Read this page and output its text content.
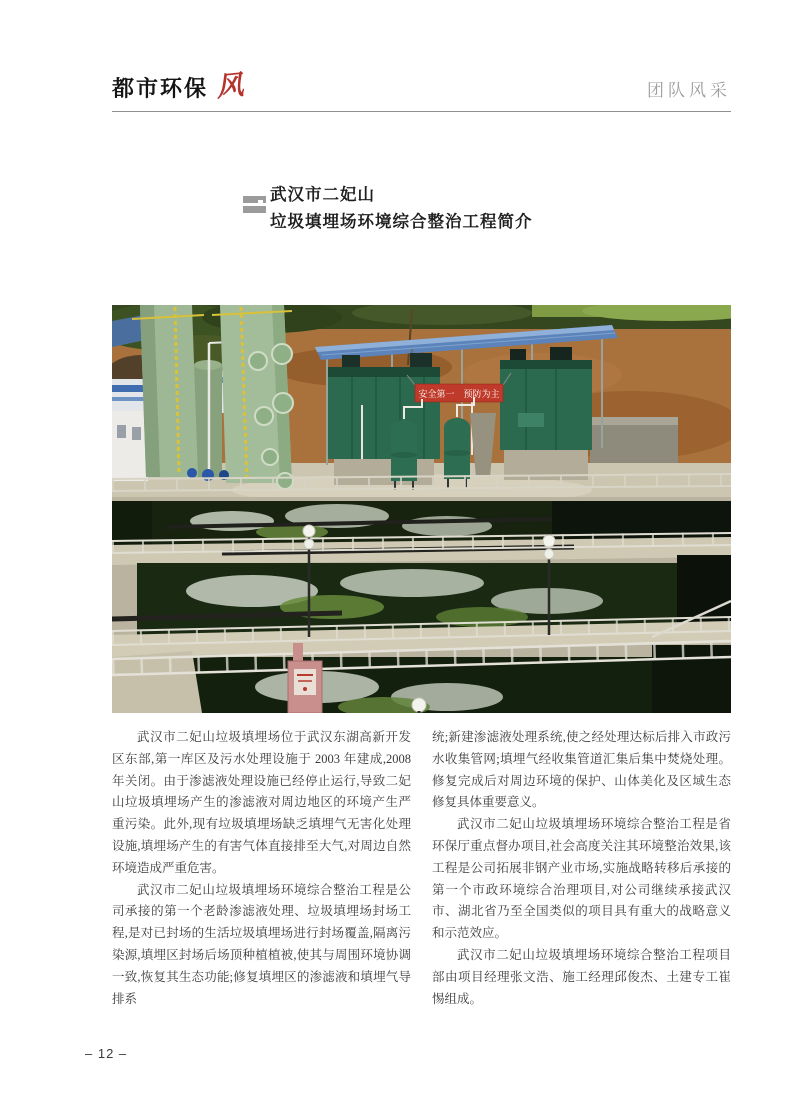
都市环保 风	团队风采
武汉市二妃山
垃圾填埋场环境综合整治工程简介
安全第一　预防为主

武汉市二妃山垃圾填埋场位于武汉东湖高新开发区东部,第一库区及污水处理设施于 2003 年建成,2008 年关闭。由于渗滤液处理设施已经停止运行,导致二妃山垃圾填埋场产生的渗滤液对周边地区的环境产生严重污染。此外,现有垃圾填埋场缺乏填埋气无害化处理设施,填埋场产生的有害气体直接排至大气,对周边自然环境造成严重危害。

武汉市二妃山垃圾填埋场环境综合整治工程是公司承接的第一个老龄渗滤液处理、垃圾填埋场封场工程,是对已封场的生活垃圾填埋场进行封场覆盖,隔离污染源,填埋区封场后场顶种植植被,使其与周围环境协调一致,恢复其生态功能;修复填埋区的渗滤液和填埋气导排系

统;新建渗滤液处理系统,使之经处理达标后排入市政污水收集管网;填埋气经收集管道汇集后集中焚烧处理。修复完成后对周边环境的保护、山体美化及区域生态修复具体重要意义。

武汉市二妃山垃圾填埋场环境综合整治工程是省环保厅重点督办项目,社会高度关注其环境整治效果,该工程是公司拓展非钢产业市场,实施战略转移后承接的第一个市政环境综合治理项目,对公司继续承接武汉市、湖北省乃至全国类似的项目具有重大的战略意义和示范效应。

武汉市二妃山垃圾填埋场环境综合整治工程项目部由项目经理张文浩、施工经理邱俊杰、土建专工崔惕组成。

– 12 –
